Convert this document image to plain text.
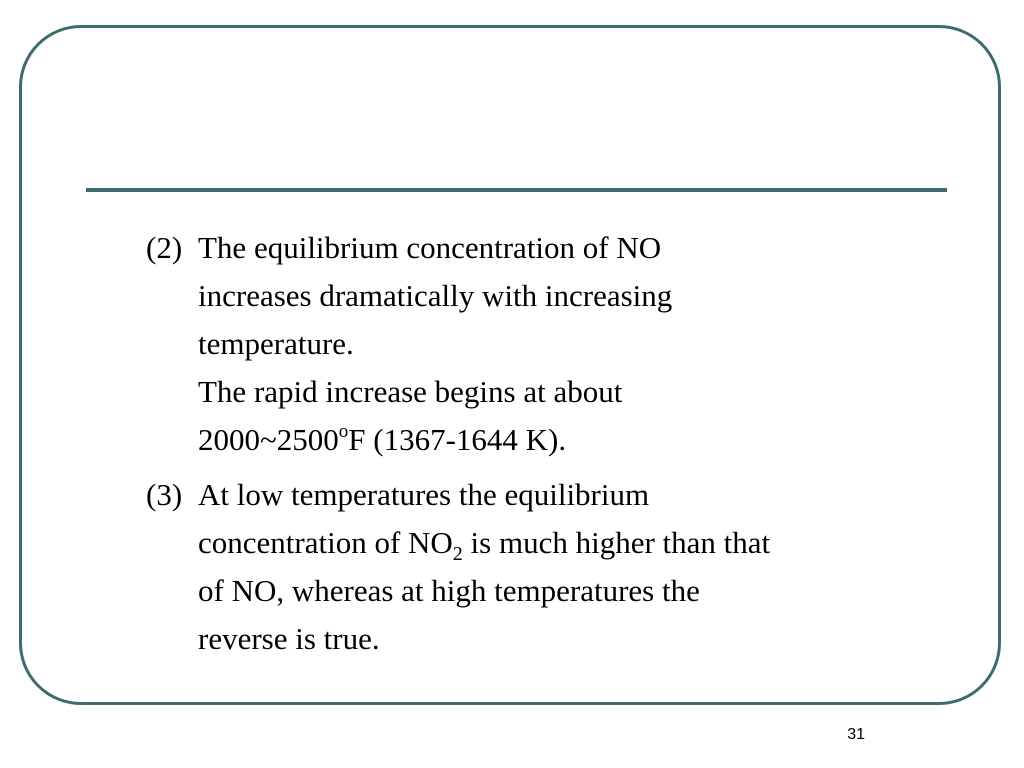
(2) The equilibrium concentration of NO
increases dramatically with increasing
temperature.
The rapid increase begins at about
2000~2500$^o$F (1367-1644 K).
(3) At low temperatures the equilibrium
concentration of $NO_2$ is much higher than that
of NO, whereas at high temperatures the
reverse is true.
31
